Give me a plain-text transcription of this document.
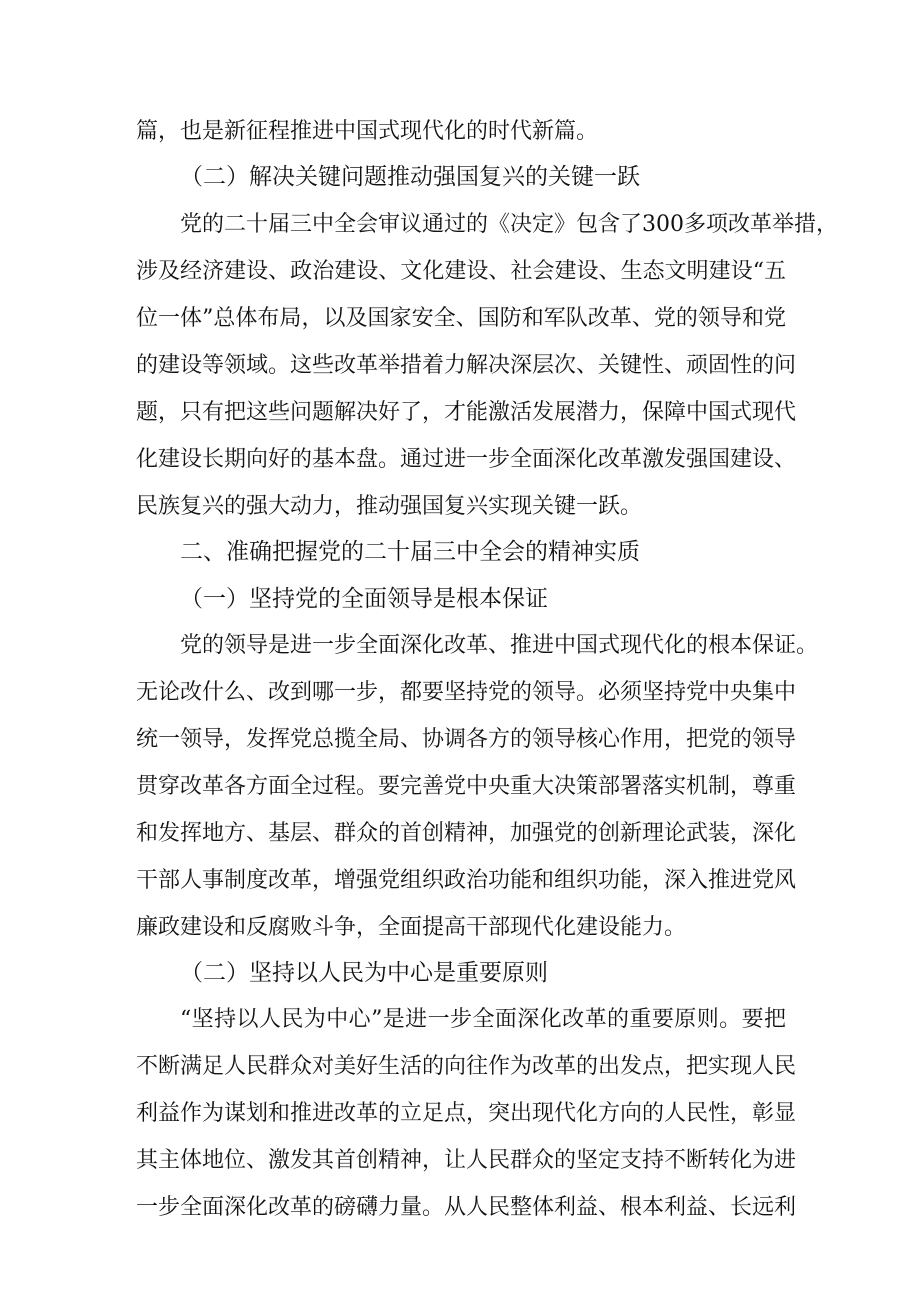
篇，也是新征程推进中国式现代化的时代新篇。
（二）解决关键问题推动强国复兴的关键一跃
党的二十届三中全会审议通过的《决定》包含了300多项改革举措，
涉及经济建设、政治建设、文化建设、社会建设、生态文明建设“五
位一体”总体布局，以及国家安全、国防和军队改革、党的领导和党
的建设等领域。这些改革举措着力解决深层次、关键性、顽固性的问
题，只有把这些问题解决好了，才能激活发展潜力，保障中国式现代
化建设长期向好的基本盘。通过进一步全面深化改革激发强国建设、
民族复兴的强大动力，推动强国复兴实现关键一跃。
二、准确把握党的二十届三中全会的精神实质
（一）坚持党的全面领导是根本保证
党的领导是进一步全面深化改革、推进中国式现代化的根本保证。
无论改什么、改到哪一步，都要坚持党的领导。必须坚持党中央集中
统一领导，发挥党总揽全局、协调各方的领导核心作用，把党的领导
贯穿改革各方面全过程。要完善党中央重大决策部署落实机制，尊重
和发挥地方、基层、群众的首创精神，加强党的创新理论武装，深化
干部人事制度改革，增强党组织政治功能和组织功能，深入推进党风
廉政建设和反腐败斗争，全面提高干部现代化建设能力。
（二）坚持以人民为中心是重要原则
“坚持以人民为中心”是进一步全面深化改革的重要原则。要把
不断满足人民群众对美好生活的向往作为改革的出发点，把实现人民
利益作为谋划和推进改革的立足点，突出现代化方向的人民性，彰显
其主体地位、激发其首创精神，让人民群众的坚定支持不断转化为进
一步全面深化改革的磅礴力量。从人民整体利益、根本利益、长远利
